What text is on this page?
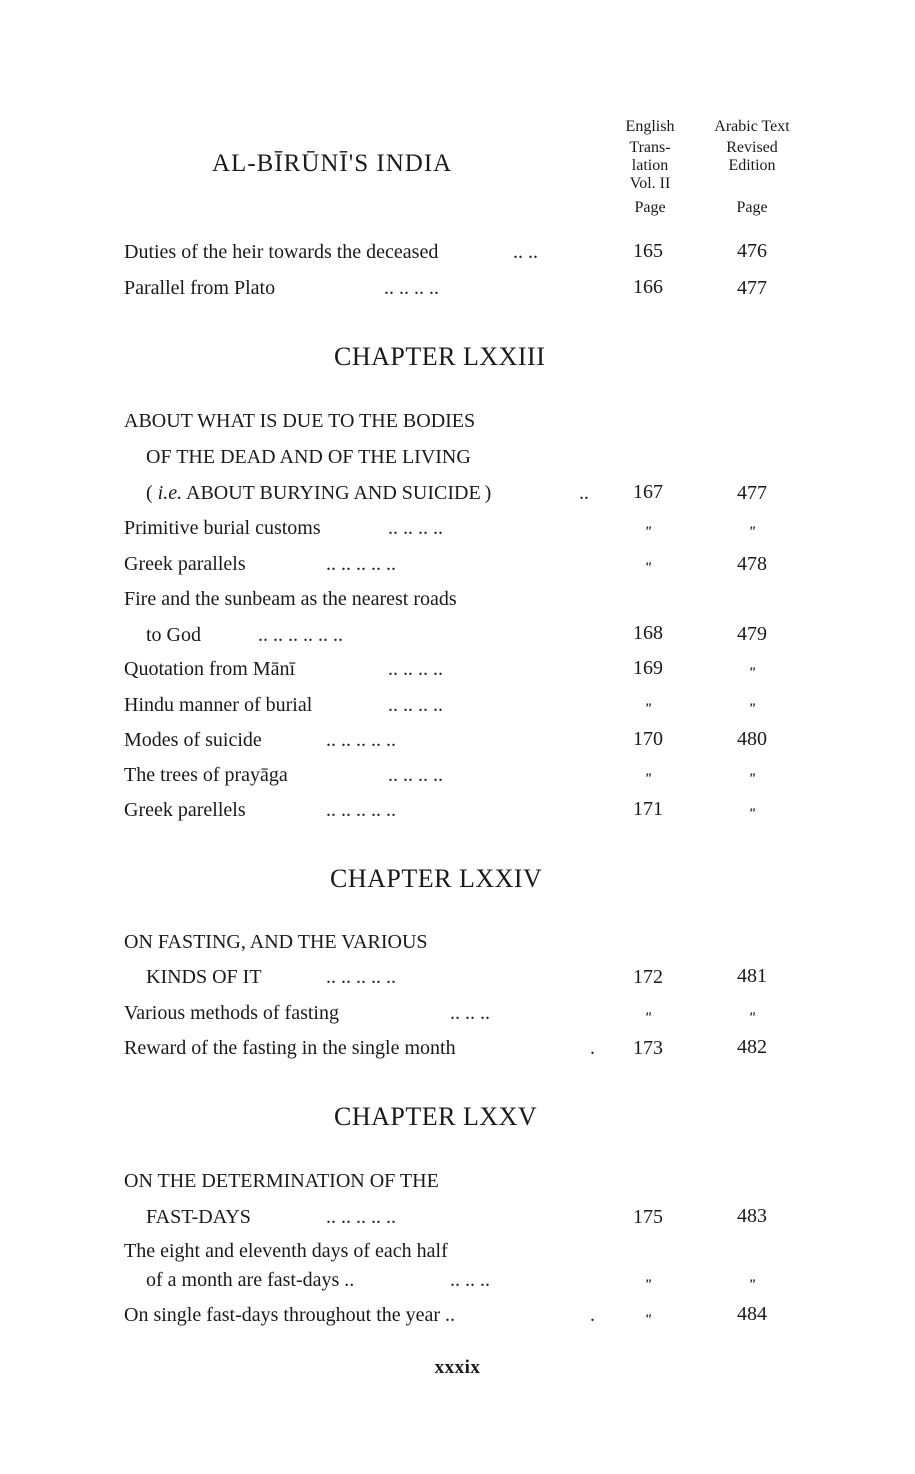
AL-BĪRŪNĪ'S INDIA
English
Trans-
lation
Vol. II
Page
Arabic Text
Revised
Edition
Page
Duties of the heir towards the deceased	.. ..	165	476
Parallel from Plato	.. .. .. ..	166	477
CHAPTER LXXIII
ABOUT WHAT IS DUE TO THE BODIES
OF THE DEAD AND OF THE LIVING
( i.e. ABOUT BURYING AND SUICIDE )	..	167	477
Primitive burial customs	.. .. .. ..	"	"
Greek parallels	.. .. .. .. ..	"	478
Fire and the sunbeam as the nearest roads
to God	.. .. .. .. .. ..	168	479
Quotation from Mānī	.. .. .. ..	169	"
Hindu manner of burial	.. .. .. ..	"	"
Modes of suicide	.. .. .. .. ..	170	480
The trees of prayāga	.. .. .. ..	"	"
Greek parellels	.. .. .. .. ..	171	"
CHAPTER LXXIV
ON FASTING, AND THE VARIOUS
KINDS OF IT	.. .. .. .. ..	172	481
Various methods of fasting	.. .. ..	"	"
Reward of the fasting in the single month	.	173	482
CHAPTER LXXV
ON THE DETERMINATION OF THE
FAST-DAYS	.. .. .. .. ..	175	483
The eight and eleventh days of each half
of a month are fast-days ..	.. .. ..	"	"
On single fast-days throughout the year ..	.	"	484
xxxix
